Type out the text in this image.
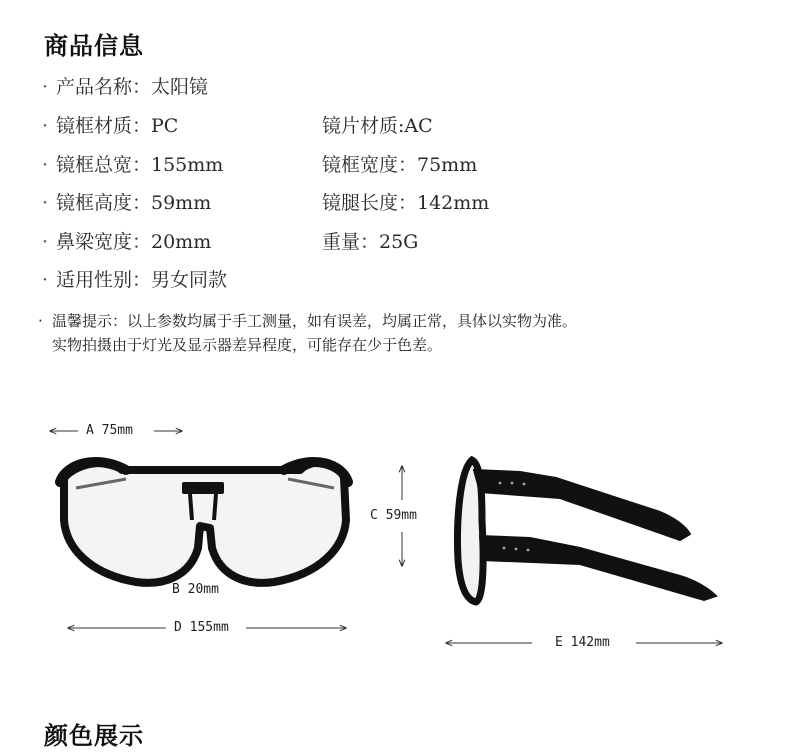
商品信息
· 产品名称：太阳镜
· 镜框材质：PC	镜片材质:AC
· 镜框总宽：155mm	镜框宽度：75mm
· 镜框高度：59mm	镜腿长度：142mm
· 鼻梁宽度：20mm	重量：25G
· 适用性别：男女同款
· 温馨提示：以上参数均属于手工测量，如有误差，均属正常，具体以实物为准。
实物拍摄由于灯光及显示器差异程度，可能存在少于色差。
A 75mm
B 20mm
C 59mm
D 155mm
E 142mm
颜色展示
